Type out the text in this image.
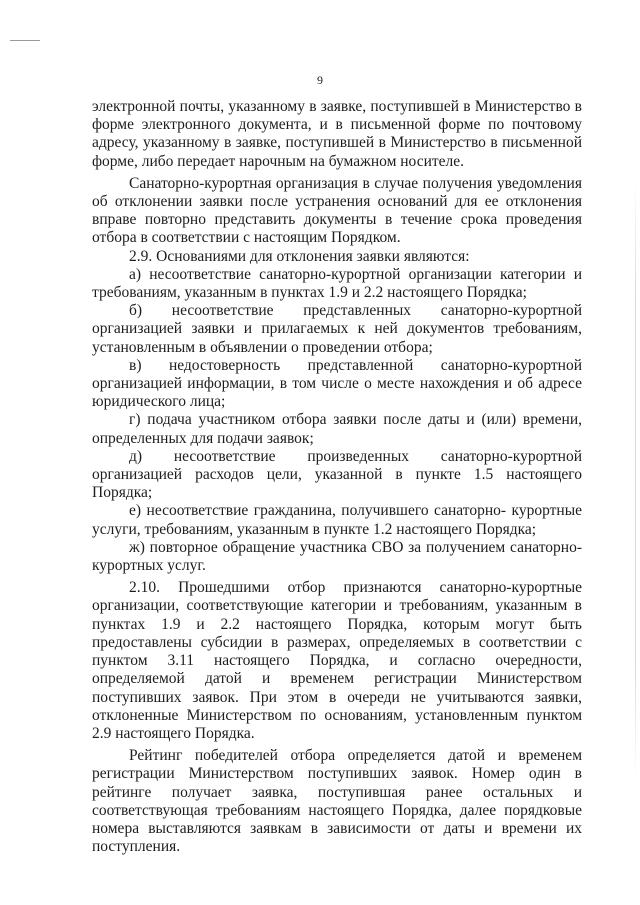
9

электронной почты, указанному в заявке, поступившей в Министерство в форме электронного документа, и в письменной форме по почтовому адресу, указанному в заявке, поступившей в Министерство в письменной форме, либо передает нарочным на бумажном носителе.

Санаторно-курортная организация в случае получения уведомления об отклонении заявки после устранения оснований для ее отклонения вправе повторно представить документы в течение срока проведения отбора в соответствии с настоящим Порядком.

2.9. Основаниями для отклонения заявки являются:

а) несоответствие санаторно-курортной организации категории и требованиям, указанным в пунктах 1.9 и 2.2 настоящего Порядка;

б) несоответствие представленных санаторно-курортной организацией заявки и прилагаемых к ней документов требованиям, установленным в объявлении о проведении отбора;

в) недостоверность представленной санаторно-курортной организацией информации, в том числе о месте нахождения и об адресе юридического лица;

г) подача участником отбора заявки после даты и (или) времени, определенных для подачи заявок;

д) несоответствие произведенных санаторно-курортной организацией расходов цели, указанной в пункте 1.5 настоящего Порядка;

е) несоответствие гражданина, получившего санаторно- курортные услуги, требованиям, указанным в пункте 1.2 настоящего Порядка;

ж) повторное обращение участника СВО за получением санаторно-курортных услуг.

2.10. Прошедшими отбор признаются санаторно-курортные организации, соответствующие категории и требованиям, указанным в пунктах 1.9 и 2.2 настоящего Порядка, которым могут быть предоставлены субсидии в размерах, определяемых в соответствии с пунктом 3.11 настоящего Порядка, и согласно очередности, определяемой датой и временем регистрации Министерством поступивших заявок. При этом в очереди не учитываются заявки, отклоненные Министерством по основаниям, установленным пунктом 2.9 настоящего Порядка.

Рейтинг победителей отбора определяется датой и временем регистрации Министерством поступивших заявок. Номер один в рейтинге получает заявка, поступившая ранее остальных и соответствующая требованиям настоящего Порядка, далее порядковые номера выставляются заявкам в зависимости от даты и времени их поступления.
